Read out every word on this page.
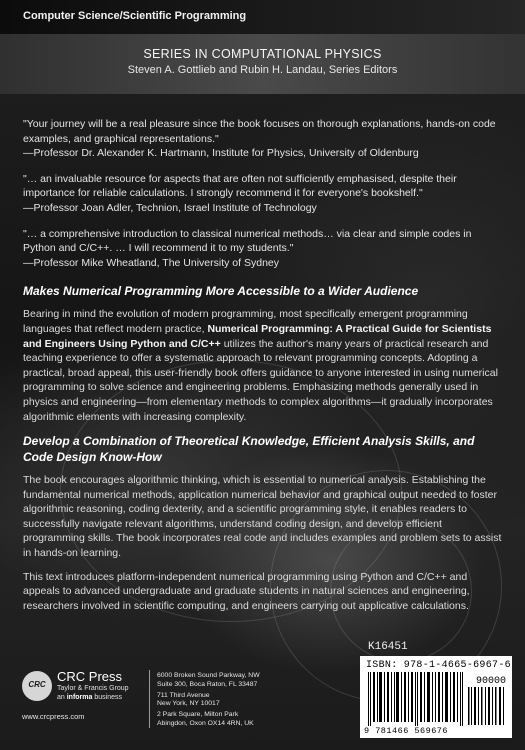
Computer Science/Scientific Programming
SERIES IN COMPUTATIONAL PHYSICS
Steven A. Gottlieb and Rubin H. Landau, Series Editors
"Your journey will be a real pleasure since the book focuses on thorough explanations, hands-on code examples, and graphical representations."
—Professor Dr. Alexander K. Hartmann, Institute for Physics, University of Oldenburg
"… an invaluable resource for aspects that are often not sufficiently emphasised, despite their importance for reliable calculations. I strongly recommend it for everyone's bookshelf."
—Professor Joan Adler, Technion, Israel Institute of Technology
"… a comprehensive introduction to classical numerical methods… via clear and simple codes in Python and C/C++. … I will recommend it to my students."
—Professor Mike Wheatland, The University of Sydney
Makes Numerical Programming More Accessible to a Wider Audience

Bearing in mind the evolution of modern programming, most specifically emergent programming languages that reflect modern practice, Numerical Programming: A Practical Guide for Scientists and Engineers Using Python and C/C++ utilizes the author's many years of practical research and teaching experience to offer a systematic approach to relevant programming concepts. Adopting a practical, broad appeal, this user-friendly book offers guidance to anyone interested in using numerical programming to solve science and engineering problems. Emphasizing methods generally used in physics and engineering—from elementary methods to complex algorithms—it gradually incorporates algorithmic elements with increasing complexity.

Develop a Combination of Theoretical Knowledge, Efficient Analysis Skills, and Code Design Know-How

The book encourages algorithmic thinking, which is essential to numerical analysis. Establishing the fundamental numerical methods, application numerical behavior and graphical output needed to foster algorithmic reasoning, coding dexterity, and a scientific programming style, it enables readers to successfully navigate relevant algorithms, understand coding design, and develop efficient programming skills. The book incorporates real code and includes examples and problem sets to assist in hands-on learning.

This text introduces platform-independent numerical programming using Python and C/C++ and appeals to advanced undergraduate and graduate students in natural sciences and engineering, researchers involved in scientific computing, and engineers carrying out applicative calculations.

K16451
ISBN: 978-1-4665-6967-6
90000
9 781466 569676
CRC
CRC Press
Taylor & Francis Group
an informa business
www.crcpress.com
6000 Broken Sound Parkway, NW
Suite 300, Boca Raton, FL 33487
711 Third Avenue
New York, NY 10017
2 Park Square, Milton Park
Abingdon, Oxon OX14 4RN, UK
